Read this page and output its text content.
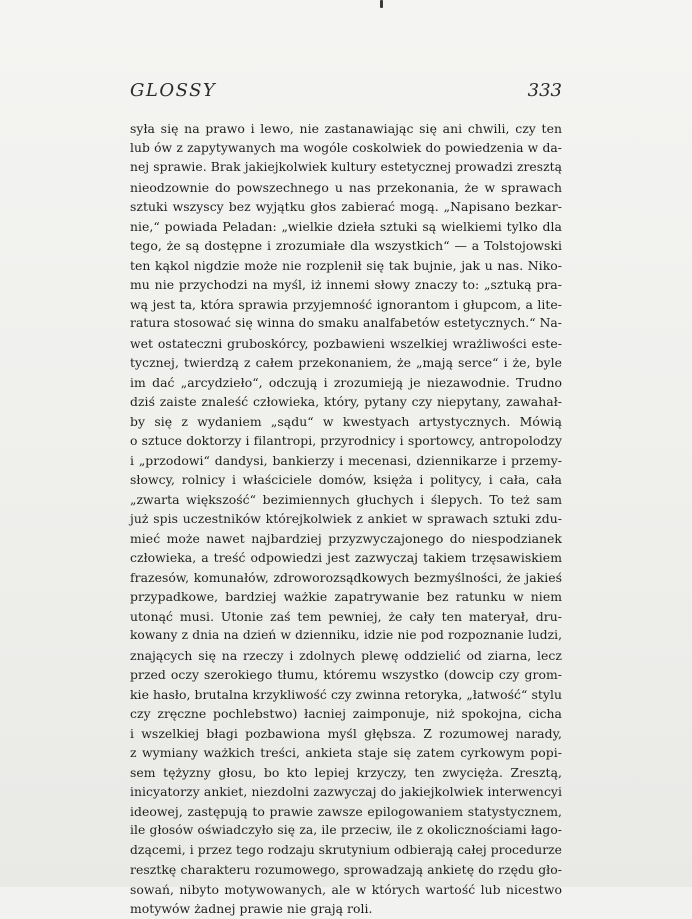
GLOSSY	333
syła się na prawo i lewo, nie zastanawiając się ani chwili, czy ten
lub ów z zapytywanych ma wogóle coskolwiek do powiedzenia w da-
nej sprawie. Brak jakiejkolwiek kultury estetycznej prowadzi zresztą
nieodzownie do powszechnego u nas przekonania, że w sprawach
sztuki wszyscy bez wyjątku głos zabierać mogą. „Napisano bezkar-
nie,“ powiada Peladan: „wielkie dzieła sztuki są wielkiemi tylko dla
tego, że są dostępne i zrozumiałe dla wszystkich“ — a Tolstojowski
ten kąkol nigdzie może nie rozplenił się tak bujnie, jak u nas. Niko-
mu nie przychodzi na myśl, iż innemi słowy znaczy to: „sztuką pra-
wą jest ta, która sprawia przyjemność ignorantom i głupcom, a lite-
ratura stosować się winna do smaku analfabetów estetycznych.“ Na-
wet ostateczni gruboskórcy, pozbawieni wszelkiej wrażliwości este-
tycznej, twierdzą z całem przekonaniem, że „mają serce“ i że, byle
im dać „arcydzieło“, odczują i zrozumieją je niezawodnie. Trudno
dziś zaiste znaleść człowieka, który, pytany czy niepytany, zawahał-
by się z wydaniem „sądu“ w kwestyach artystycznych. Mówią
o sztuce doktorzy i filantropi, przyrodnicy i sportowcy, antropolodzy
i „przodowi“ dandysi, bankierzy i mecenasi, dziennikarze i przemy-
słowcy, rolnicy i właściciele domów, księża i politycy, i cała, cała
„zwarta większość“ bezimiennych głuchych i ślepych. To też sam
już spis uczestników którejkolwiek z ankiet w sprawach sztuki zdu-
mieć może nawet najbardziej przyzwyczajonego do niespodzianek
człowieka, a treść odpowiedzi jest zazwyczaj takiem trzęsawiskiem
frazesów, komunałów, zdroworozsądkowych bezmyślności, że jakieś
przypadkowe, bardziej ważkie zapatrywanie bez ratunku w niem
utonąć musi. Utonie zaś tem pewniej, że cały ten materyał, dru-
kowany z dnia na dzień w dzienniku, idzie nie pod rozpoznanie ludzi,
znających się na rzeczy i zdolnych plewę oddzielić od ziarna, lecz
przed oczy szerokiego tłumu, któremu wszystko (dowcip czy grom-
kie hasło, brutalna krzykliwość czy zwinna retoryka, „łatwość“ stylu
czy zręczne pochlebstwo) łacniej zaimponuje, niż spokojna, cicha
i wszelkiej błagi pozbawiona myśl głębsza. Z rozumowej narady,
z wymiany ważkich treści, ankieta staje się zatem cyrkowym popi-
sem tężyzny głosu, bo kto lepiej krzyczy, ten zwycięża. Zresztą,
inicyatorzy ankiet, niezdolni zazwyczaj do jakiejkolwiek interwencyi
ideowej, zastępują to prawie zawsze epilogowaniem statystycznem,
ile głosów oświadczyło się za, ile przeciw, ile z okolicznościami łago-
dzącemi, i przez tego rodzaju skrutynium odbierają całej procedurze
resztkę charakteru rozumowego, sprowadzają ankietę do rzędu gło-
sowań, nibyto motywowanych, ale w których wartość lub nicestwo
motywów żadnej prawie nie grają roli.
